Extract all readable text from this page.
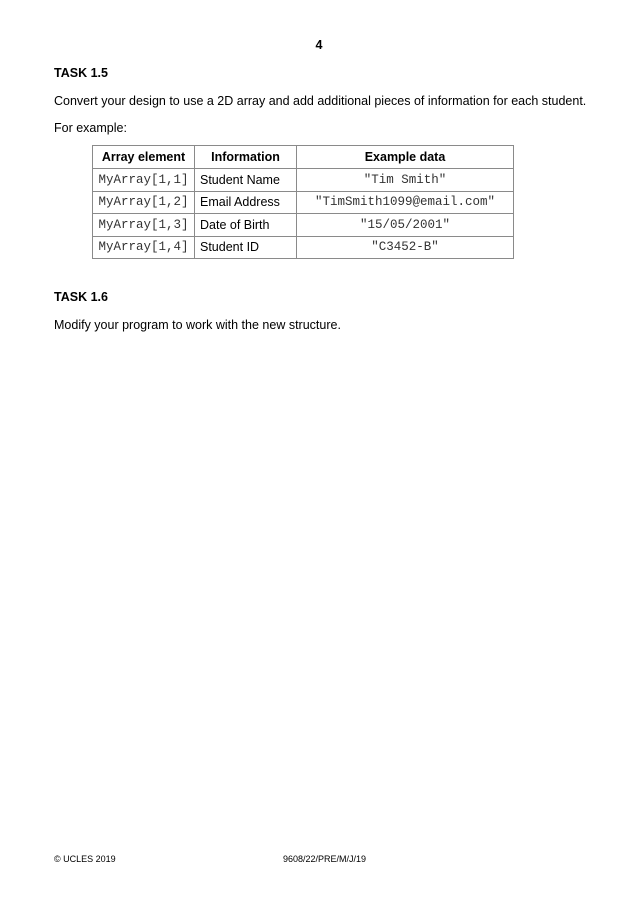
4
TASK 1.5
Convert your design to use a 2D array and add additional pieces of information for each student.
For example:
Array element	Information	Example data
MyArray[1,1]	Student Name	"Tim Smith"
MyArray[1,2]	Email Address	"TimSmith1099@email.com"
MyArray[1,3]	Date of Birth	"15/05/2001"
MyArray[1,4]	Student ID	"C3452-B"
TASK 1.6
Modify your program to work with the new structure.
© UCLES 2019	9608/22/PRE/M/J/19
